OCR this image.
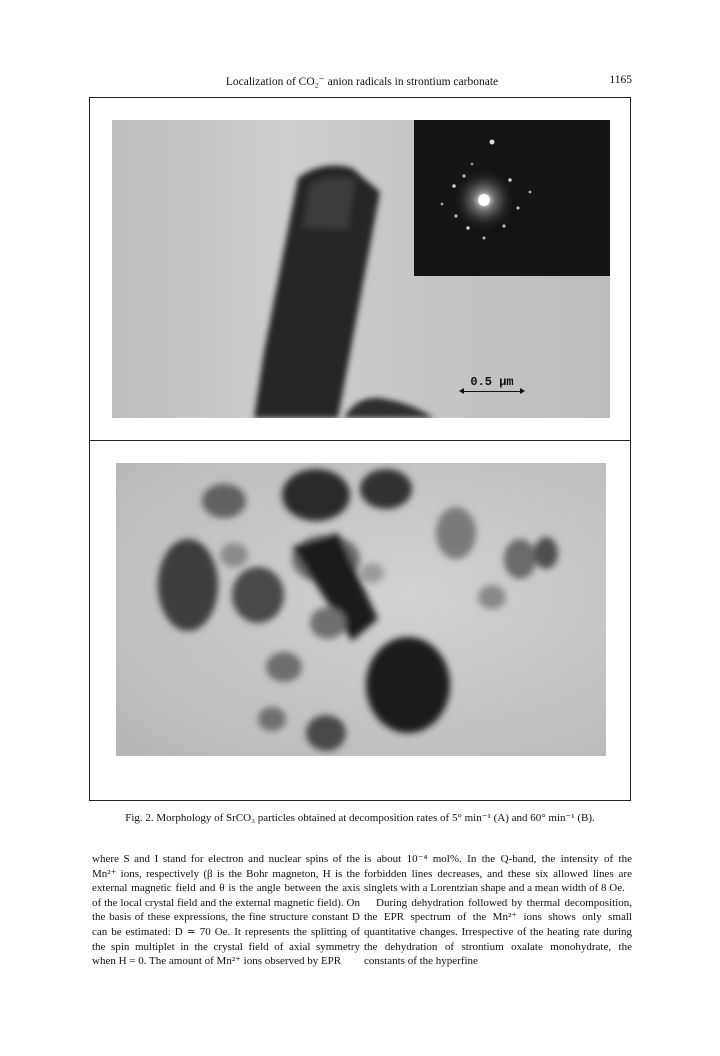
Localization of CO₂⁻ anion radicals in strontium carbonate	1165
0.5 μm
Fig. 2. Morphology of SrCO₃ particles obtained at decomposition rates of 5° min⁻¹ (A) and 60° min⁻¹ (B).

where S and I stand for electron and nuclear spins of the Mn²⁺ ions, respectively (β is the Bohr magneton, H is the external magnetic field and θ is the angle between the axis of the local crystal field and the external magnetic field). On the basis of these expressions, the fine structure constant D can be estimated: D ≃ 70 Oe. It represents the splitting of the spin multiplet in the crystal field of axial symmetry when H = 0. The amount of Mn²⁺ ions observed by EPR

is about 10⁻⁴ mol%. In the Q-band, the intensity of the forbidden lines decreases, and these six allowed lines are singlets with a Lorentzian shape and a mean width of 8 Oe.

During dehydration followed by thermal decomposition, the EPR spectrum of the Mn²⁺ ions shows only small quantitative changes. Irrespective of the heating rate during the dehydration of strontium oxalate monohydrate, the constants of the hyperfine
